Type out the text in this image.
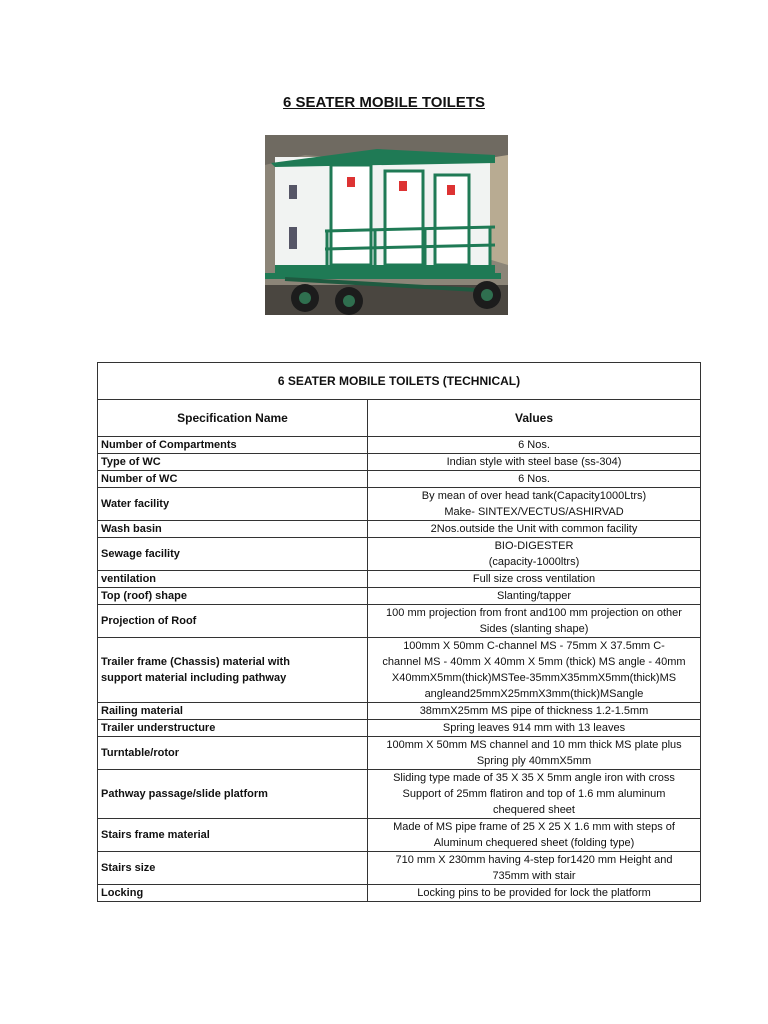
6 SEATER MOBILE TOILETS
6 SEATER MOBILE TOILETS (TECHNICAL)	
Specification Name	Values
Number of Compartments	6 Nos.
Type of WC	Indian style with steel base (ss-304)
Number of WC	6 Nos.
Water facility	By mean of over head tank(Capacity1000Ltrs)
Make- SINTEX/VECTUS/ASHIRVAD
Wash basin	2Nos.outside the Unit with common facility
Sewage facility	BIO-DIGESTER
(capacity-1000ltrs)
ventilation	Full size cross ventilation
Top (roof) shape	Slanting/tapper
Projection of Roof	100 mm projection from front and100 mm projection on other
Sides (slanting shape)
Trailer frame (Chassis) material with
support material including pathway	100mm X 50mm C-channel MS - 75mm X 37.5mm C-
channel MS - 40mm X 40mm X 5mm (thick) MS angle - 40mm
X40mmX5mm(thick)MSTee-35mmX35mmX5mm(thick)MS
angleand25mmX25mmX3mm(thick)MSangle
Railing material	38mmX25mm MS pipe of thickness 1.2-1.5mm
Trailer understructure	Spring leaves 914 mm with 13 leaves
Turntable/rotor	100mm X 50mm MS channel and 10 mm thick MS plate plus
Spring ply 40mmX5mm
Pathway passage/slide platform	Sliding type made of 35 X 35 X 5mm angle iron with cross
Support of 25mm flatiron and top of 1.6 mm aluminum
chequered sheet
Stairs frame material	Made of MS pipe frame of 25 X 25 X 1.6 mm with steps of
Aluminum chequered sheet (folding type)
Stairs size	710 mm X 230mm having 4-step for1420 mm Height and
735mm with stair
Locking	Locking pins to be provided for lock the platform
